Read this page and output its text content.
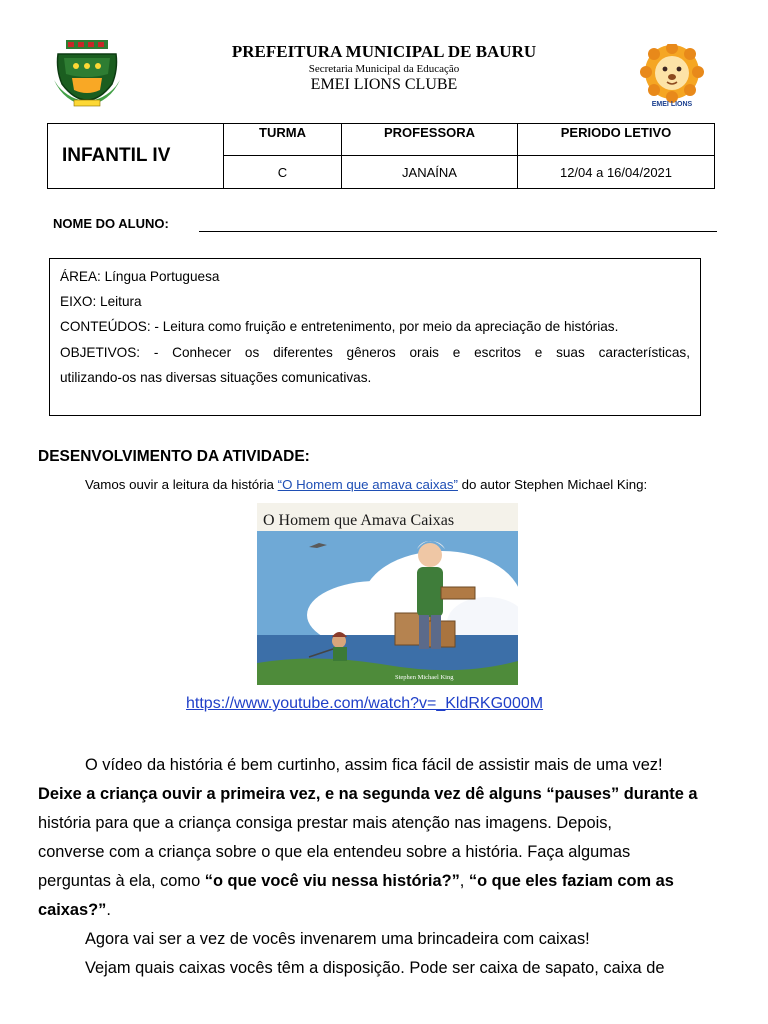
PREFEITURA MUNICIPAL DE BAURU
Secretaria Municipal da Educação
EMEI LIONS CLUBE
EMEI LIONS
INFANTIL IV	TURMA	PROFESSORA	PERIODO LETIVO
	C	JANAÍNA	12/04 a 16/04/2021
NOME DO ALUNO:

ÁREA: Língua Portuguesa

EIXO: Leitura

CONTEÚDOS: - Leitura como fruição e entretenimento, por meio da apreciação de histórias.

OBJETIVOS: - Conhecer os diferentes gêneros orais e escritos e suas características,

utilizando-os nas diversas situações comunicativas.

DESENVOLVIMENTO DA ATIVIDADE:
Vamos ouvir a leitura da história “O Homem que amava caixas” do autor Stephen Michael King:
O Homem que Amava Caixas
Stephen Michael King
https://www.youtube.com/watch?v=_KldRKG000M

O vídeo da história é bem curtinho, assim fica fácil de assistir mais de uma vez!

Deixe a criança ouvir a primeira vez, e na segunda vez dê alguns “pauses” durante a

história para que a criança consiga prestar mais atenção nas imagens. Depois,

converse com a criança sobre o que ela entendeu sobre a história. Faça algumas

perguntas à ela, como “o que você viu nessa história?”, “o que eles faziam com as

caixas?”.

Agora vai ser a vez de vocês invenarem uma brincadeira com caixas!

Vejam quais caixas vocês têm a disposição. Pode ser caixa de sapato, caixa de
